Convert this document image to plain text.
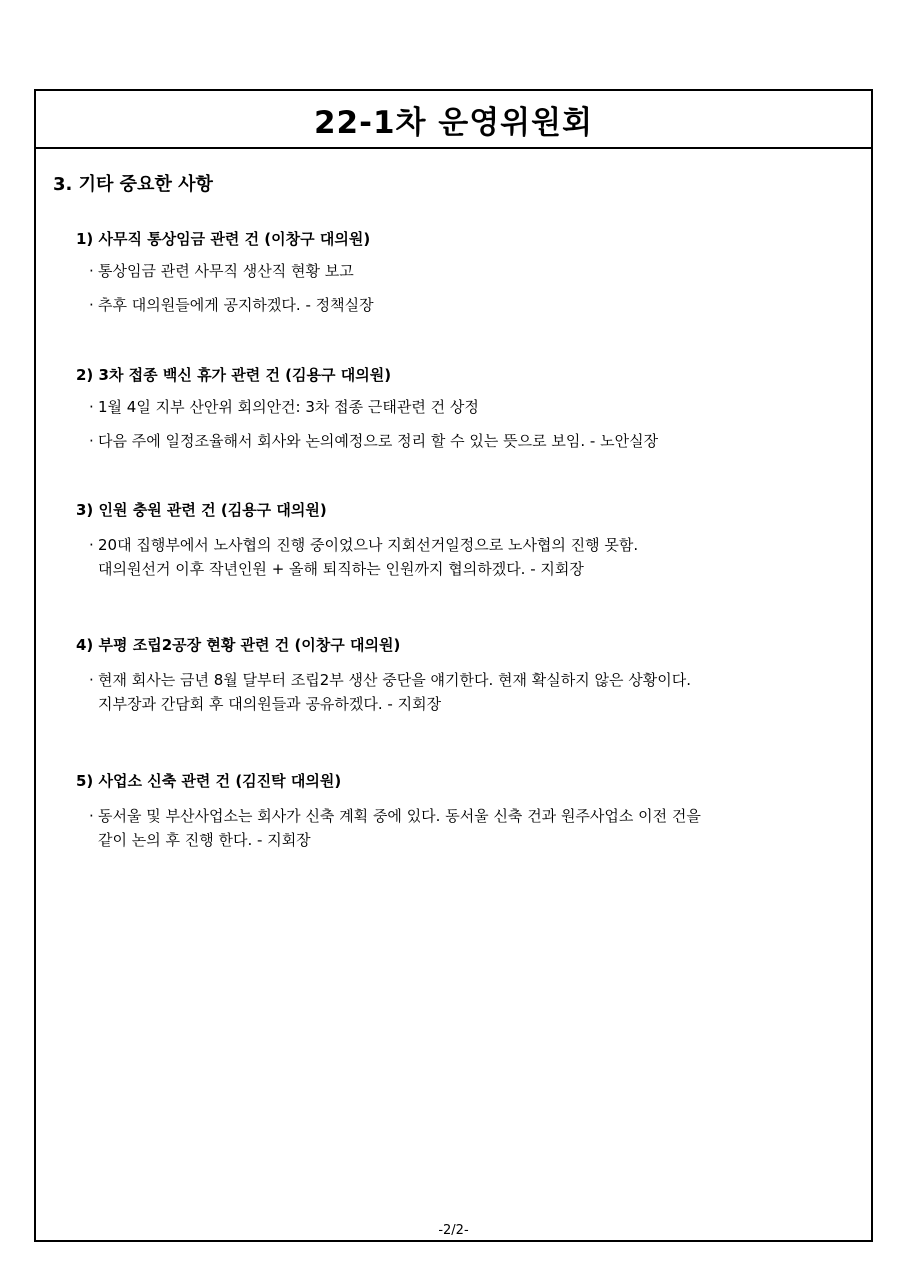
22-1차 운영위원회
3. 기타 중요한 사항
1) 사무직 통상임금 관련 건 (이창구 대의원)
· 통상임금 관련 사무직 생산직 현황 보고
· 추후 대의원들에게 공지하겠다. - 정책실장
2) 3차 접종 백신 휴가 관련 건 (김용구 대의원)
· 1월 4일 지부 산안위 회의안건: 3차 접종 근태관련 건 상정
· 다음 주에 일정조율해서 회사와 논의예정으로 정리 할 수 있는 뜻으로 보임. - 노안실장
3) 인원 충원 관련 건 (김용구 대의원)
· 20대 집행부에서 노사협의 진행 중이었으나 지회선거일정으로 노사협의 진행 못함.
대의원선거 이후 작년인원 + 올해 퇴직하는 인원까지 협의하겠다. - 지회장
4) 부평 조립2공장 현황 관련 건 (이창구 대의원)
· 현재 회사는 금년 8월 달부터 조립2부 생산 중단을 얘기한다. 현재 확실하지 않은 상황이다.
지부장과 간담회 후 대의원들과 공유하겠다. - 지회장
5) 사업소 신축 관련 건 (김진탁 대의원)
· 동서울 및 부산사업소는 회사가 신축 계획 중에 있다. 동서울 신축 건과 원주사업소 이전 건을
같이 논의 후 진행 한다. - 지회장
-2/2-
